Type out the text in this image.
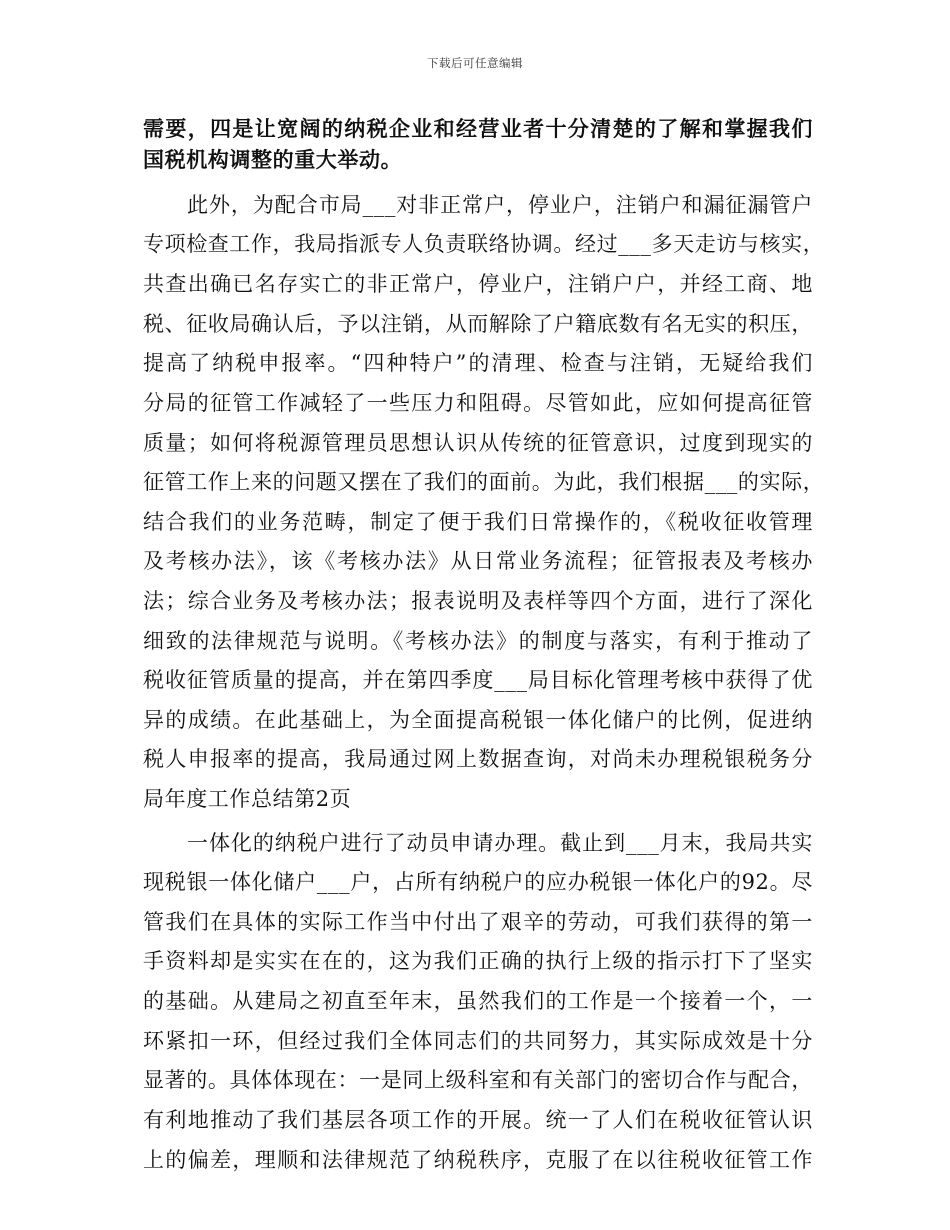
下载后可任意编辑
需要，四是让宽阔的纳税企业和经营业者十分清楚的了解和掌握我们
国税机构调整的重大举动。
此外，为配合市局___对非正常户，停业户，注销户和漏征漏管户
专项检查工作，我局指派专人负责联络协调。经过___多天走访与核实，
共查出确已名存实亡的非正常户，停业户，注销户户，并经工商、地
税、征收局确认后，予以注销，从而解除了户籍底数有名无实的积压，
提高了纳税申报率。“四种特户”的清理、检查与注销，无疑给我们
分局的征管工作减轻了一些压力和阻碍。尽管如此，应如何提高征管
质量；如何将税源管理员思想认识从传统的征管意识，过度到现实的
征管工作上来的问题又摆在了我们的面前。为此，我们根据___的实际，
结合我们的业务范畴，制定了便于我们日常操作的，《税收征收管理
及考核办法》，该《考核办法》从日常业务流程；征管报表及考核办
法；综合业务及考核办法；报表说明及表样等四个方面，进行了深化
细致的法律规范与说明。《考核办法》的制度与落实，有利于推动了
税收征管质量的提高，并在第四季度___局目标化管理考核中获得了优
异的成绩。在此基础上，为全面提高税银一体化储户的比例，促进纳
税人申报率的提高，我局通过网上数据查询，对尚未办理税银税务分
局年度工作总结第2页
一体化的纳税户进行了动员申请办理。截止到___月末，我局共实
现税银一体化储户___户，占所有纳税户的应办税银一体化户的92。尽
管我们在具体的实际工作当中付出了艰辛的劳动，可我们获得的第一
手资料却是实实在在的，这为我们正确的执行上级的指示打下了坚实
的基础。从建局之初直至年末，虽然我们的工作是一个接着一个，一
环紧扣一环，但经过我们全体同志们的共同努力，其实际成效是十分
显著的。具体体现在：一是同上级科室和有关部门的密切合作与配合，
有利地推动了我们基层各项工作的开展。统一了人们在税收征管认识
上的偏差，理顺和法律规范了纳税秩序，克服了在以往税收征管工作
